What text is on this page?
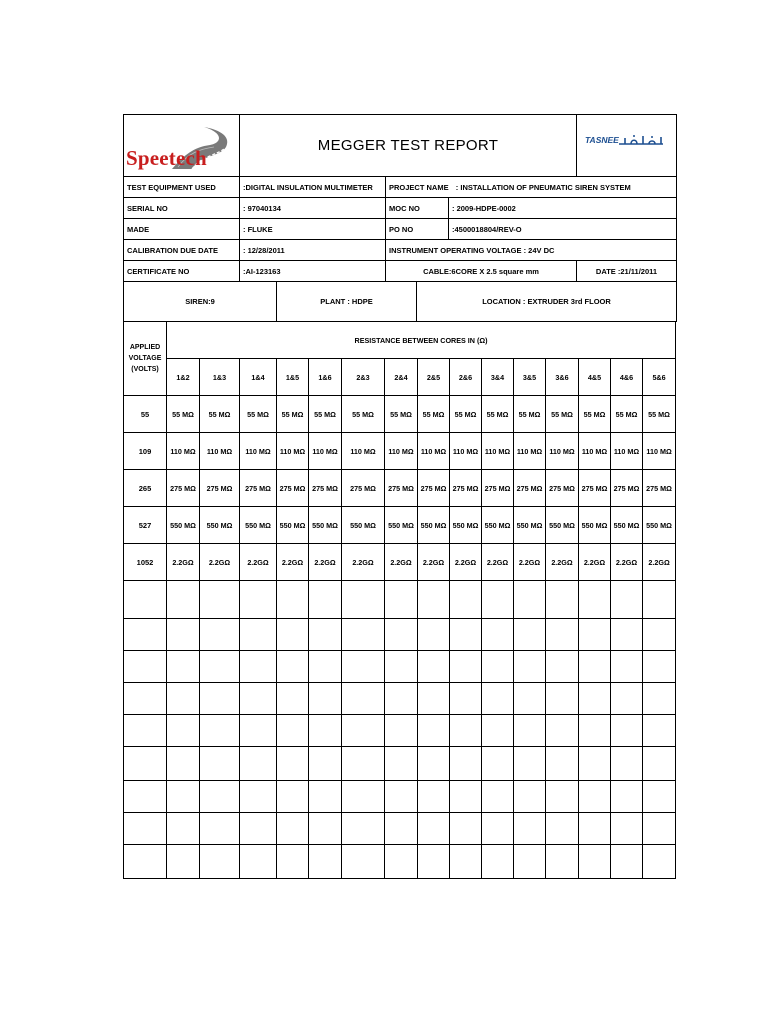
Speetech
	MEGGER TEST REPORT	TASNEE
TEST EQUIPMENT USED	:DIGITAL INSULATION MULTIMETER	PROJECT NAME : INSTALLATION OF PNEUMATIC SIREN SYSTEM		
SERIAL NO	: 97040134	MOC NO	: 2009-HDPE-0002	
MADE	: FLUKE	PO NO	:4500018804/REV-O	
CALIBRATION DUE DATE	: 12/28/2011	INSTRUMENT OPERATING VOLTAGE : 24V DC		
CERTIFICATE NO	:AI-123163	CABLE:6CORE X 2.5 square mm		DATE :21/11/2011
SIREN:9	PLANT : HDPE	LOCATION : EXTRUDER 3rd FLOOR
APPLIED
VOLTAGE
(VOLTS)	RESISTANCE BETWEEN CORES IN (Ω)														
	1&2	1&3	1&4	1&5	1&6	2&3	2&4	2&5	2&6	3&4	3&5	3&6	4&5	4&6	5&6
55	55 MΩ	55 MΩ	55 MΩ	55 MΩ	55 MΩ	55 MΩ	55 MΩ	55 MΩ	55 MΩ	55 MΩ	55 MΩ	55 MΩ	55 MΩ	55 MΩ	55 MΩ
109	110 MΩ	110 MΩ	110 MΩ	110 MΩ	110 MΩ	110 MΩ	110 MΩ	110 MΩ	110 MΩ	110 MΩ	110 MΩ	110 MΩ	110 MΩ	110 MΩ	110 MΩ
265	275 MΩ	275 MΩ	275 MΩ	275 MΩ	275 MΩ	275 MΩ	275 MΩ	275 MΩ	275 MΩ	275 MΩ	275 MΩ	275 MΩ	275 MΩ	275 MΩ	275 MΩ
527	550 MΩ	550 MΩ	550 MΩ	550 MΩ	550 MΩ	550 MΩ	550 MΩ	550 MΩ	550 MΩ	550 MΩ	550 MΩ	550 MΩ	550 MΩ	550 MΩ	550 MΩ
1052	2.2GΩ	2.2GΩ	2.2GΩ	2.2GΩ	2.2GΩ	2.2GΩ	2.2GΩ	2.2GΩ	2.2GΩ	2.2GΩ	2.2GΩ	2.2GΩ	2.2GΩ	2.2GΩ	2.2GΩ
